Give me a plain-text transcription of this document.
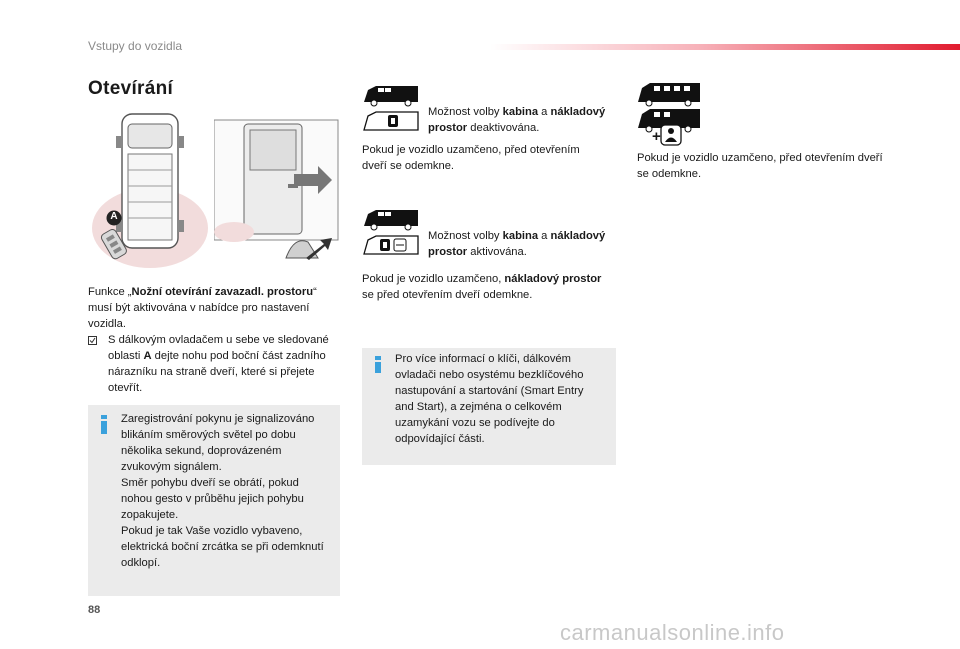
Vstupy do vozidla
Otevírání
A
Funkce „Nožní otevírání zavazadl. prostoru“ musí být aktivována v nabídce pro nastavení vozidla.
S dálkovým ovladačem u sebe ve sledované oblasti A dejte nohu pod boční část zadního nárazníku na straně dveří, které si přejete otevřít.
Zaregistrování pokynu je signalizováno blikáním směrových světel po dobu několika sekund, doprovázeném zvukovým signálem.
Směr pohybu dveří se obrátí, pokud nohou gesto v průběhu jejich pohybu zopakujete.
Pokud je tak Vaše vozidlo vybaveno, elektrická boční zrcátka se při odemknutí odklopí.
Možnost volby kabina a nákladový prostor deaktivována.
Pokud je vozidlo uzamčeno, před otevřením dveří se odemkne.
Možnost volby kabina a nákladový prostor aktivována.
Pokud je vozidlo uzamčeno, nákladový prostor se před otevřením dveří odemkne.
Pro více informací o klíči, dálkovém ovladači nebo osystému bezklíčového nastupování a startování (Smart Entry and Start), a zejména o celkovém uzamykání vozu se podívejte do odpovídající části.
+
Pokud je vozidlo uzamčeno, před otevřením dveří se odemkne.
88
carmanualsonline.info
